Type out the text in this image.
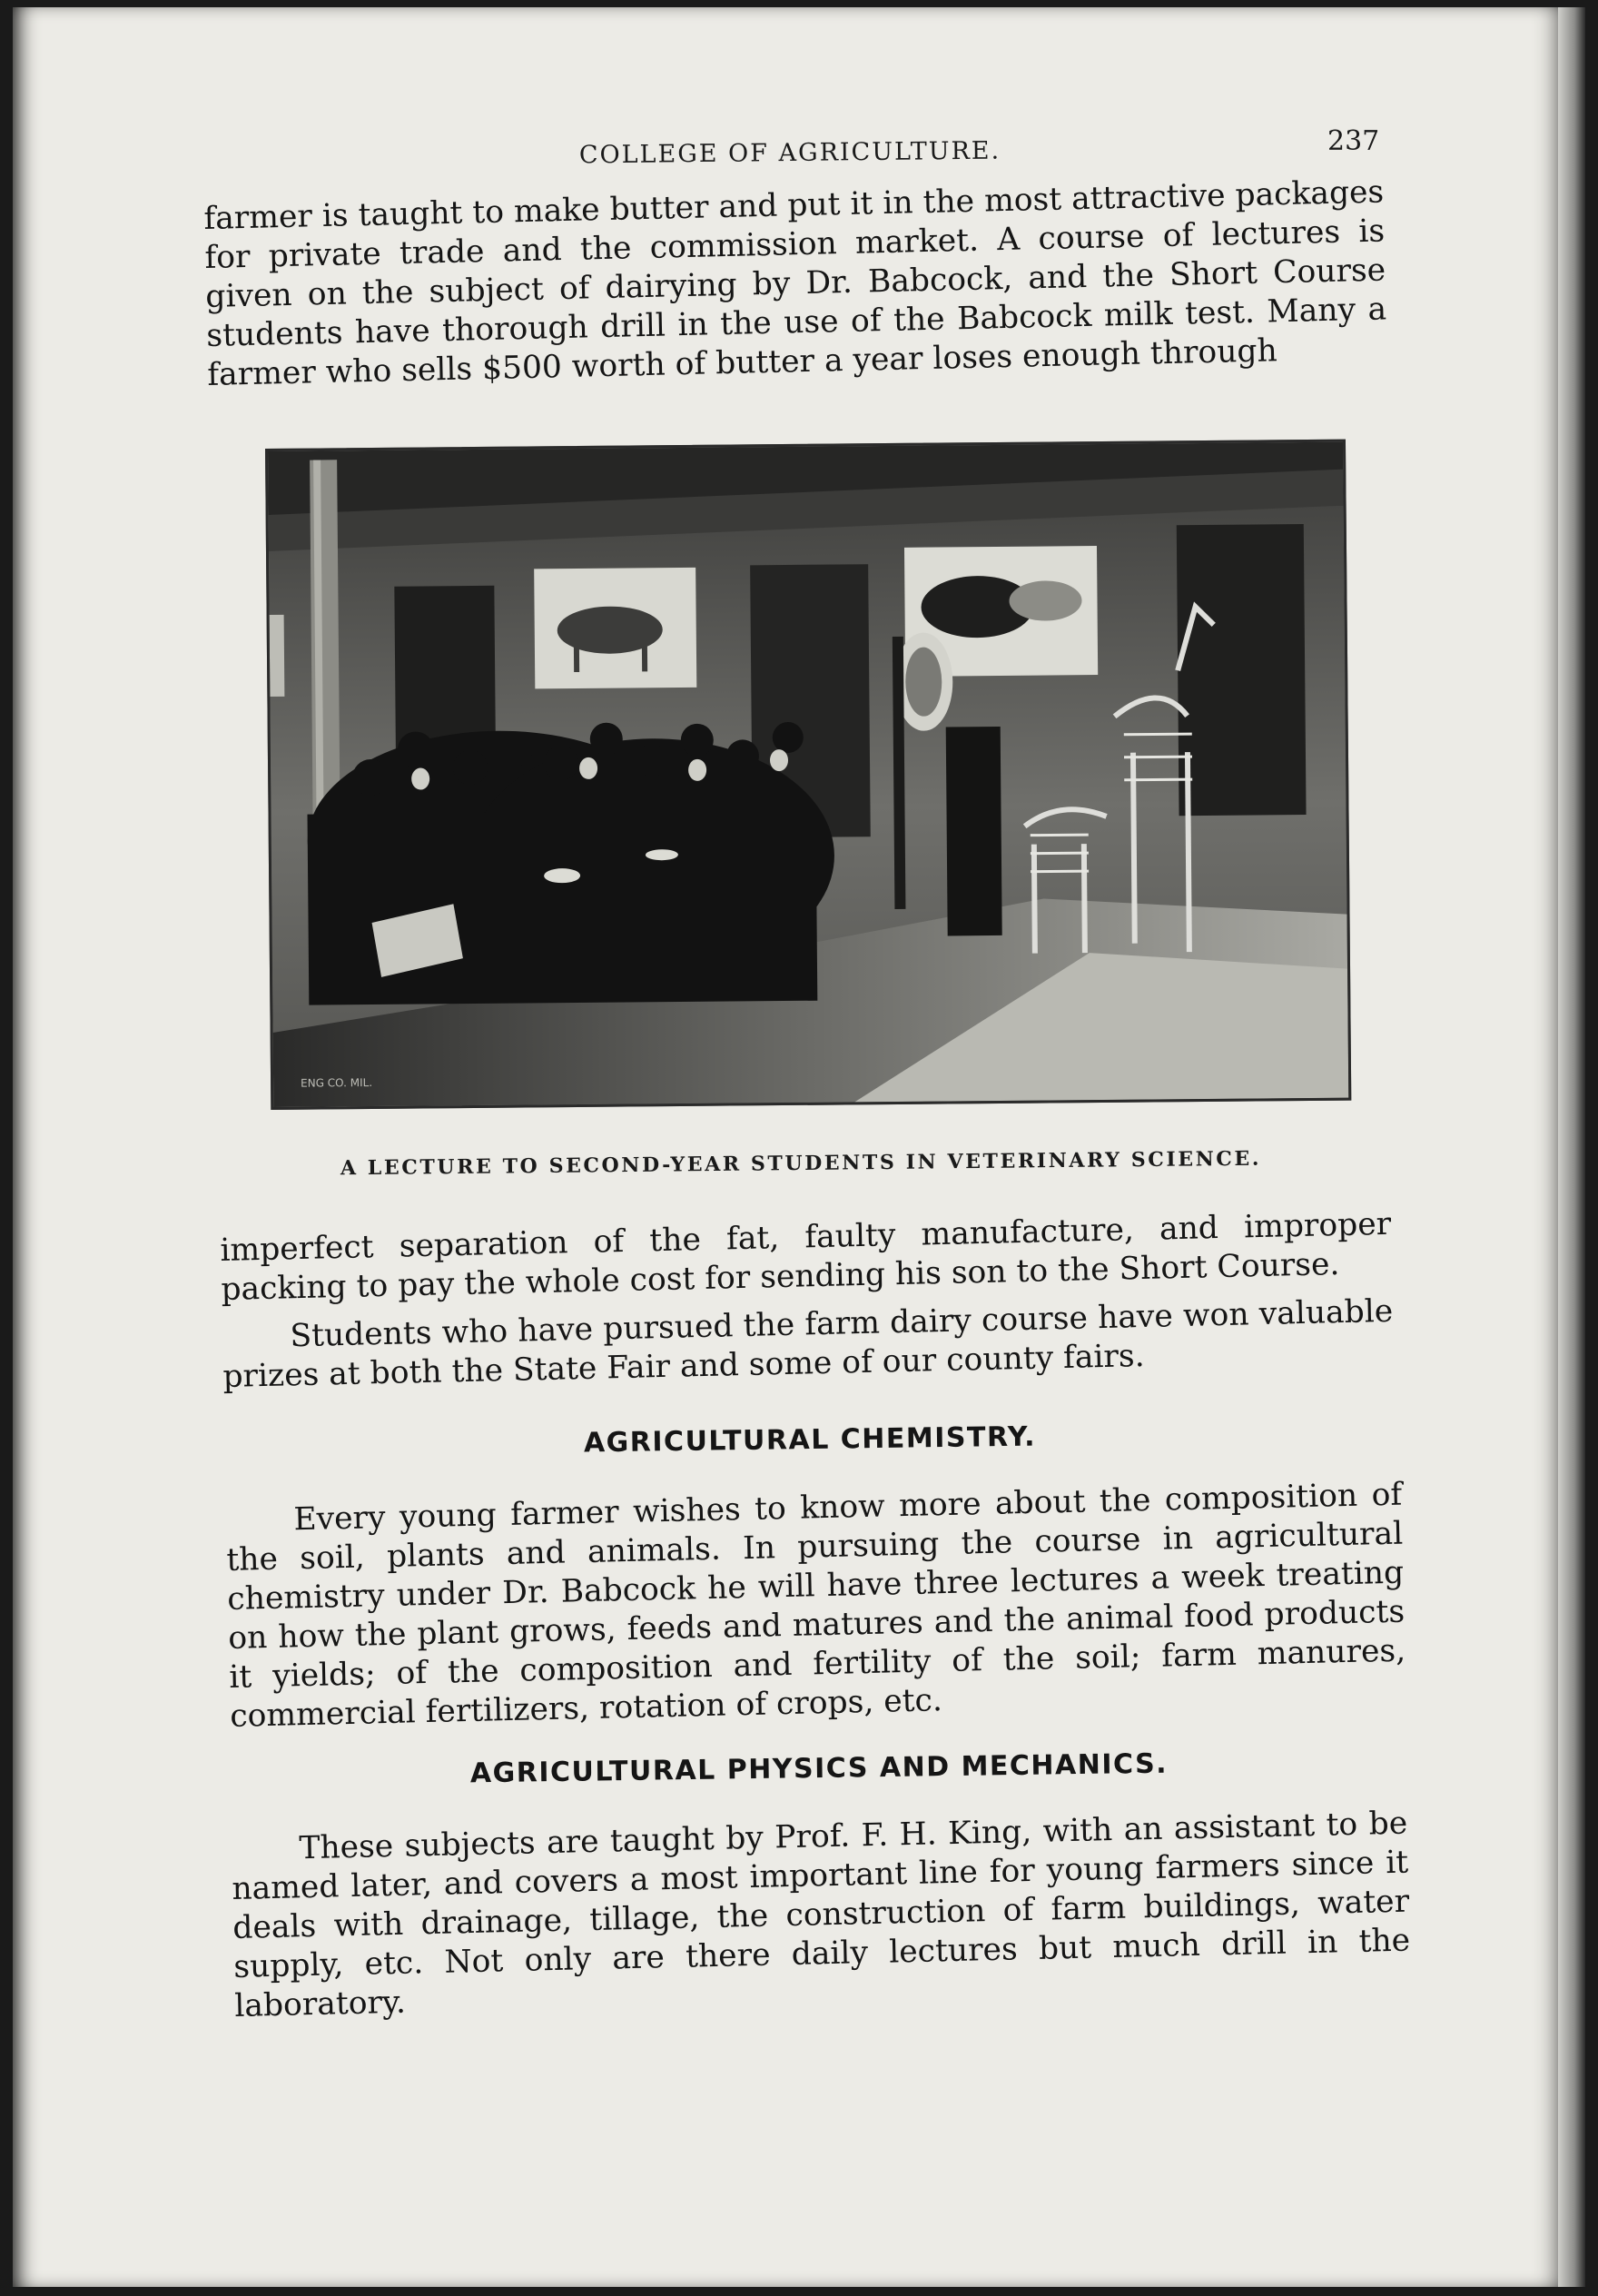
COLLEGE OF AGRICULTURE.	237
farmer is taught to make butter and put it in the most attractive packages for private trade and the commission market. A course of lectures is given on the subject of dairying by Dr. Babcock, and the Short Course students have thorough drill in the use of the Babcock milk test. Many a farmer who sells $500 worth of butter a year loses enough through
ENG CO. MIL.
A LECTURE TO SECOND-YEAR STUDENTS IN VETERINARY SCIENCE.
imperfect separation of the fat, faulty manufacture, and improper packing to pay the whole cost for sending his son to the Short Course.
Students who have pursued the farm dairy course have won valuable prizes at both the State Fair and some of our county fairs.
AGRICULTURAL CHEMISTRY.
Every young farmer wishes to know more about the composition of the soil, plants and animals. In pursuing the course in agricultural chemistry under Dr. Babcock he will have three lectures a week treating on how the plant grows, feeds and matures and the animal food products it yields; of the composition and fertility of the soil; farm manures, commercial fertilizers, rotation of crops, etc.
AGRICULTURAL PHYSICS AND MECHANICS.
These subjects are taught by Prof. F. H. King, with an assistant to be named later, and covers a most important line for young farmers since it deals with drainage, tillage, the construction of farm buildings, water supply, etc. Not only are there daily lectures but much drill in the laboratory.
